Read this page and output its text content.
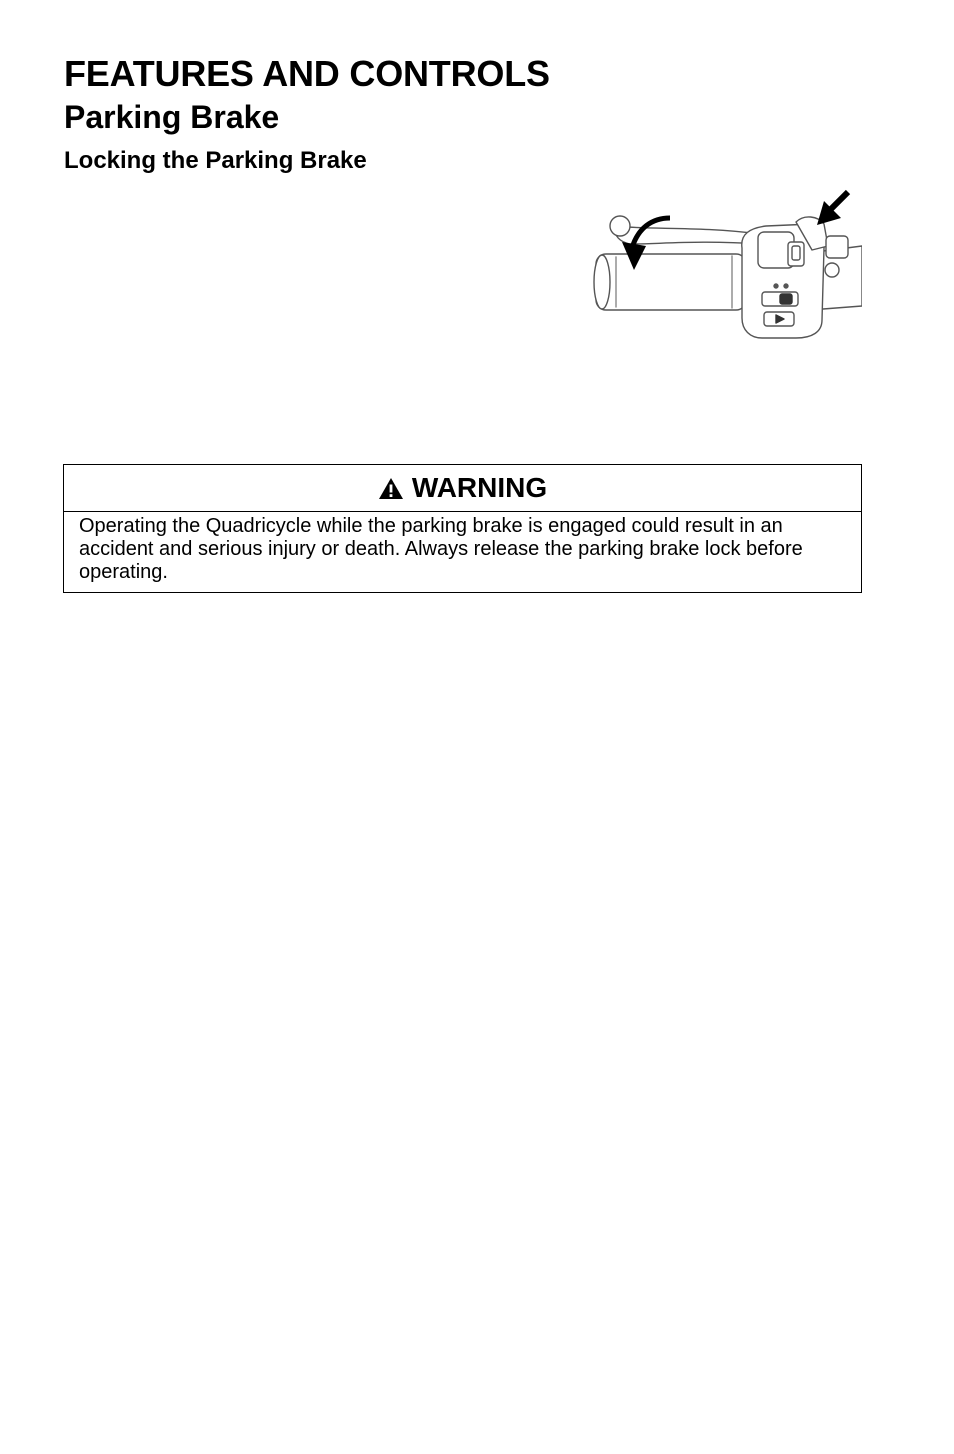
FEATURES AND CONTROLS
Parking Brake
Locking the Parking Brake
WARNING

Operating the Quadricycle while the parking brake is engaged could result in an accident and serious injury or death. Always release the parking brake lock before operating.
